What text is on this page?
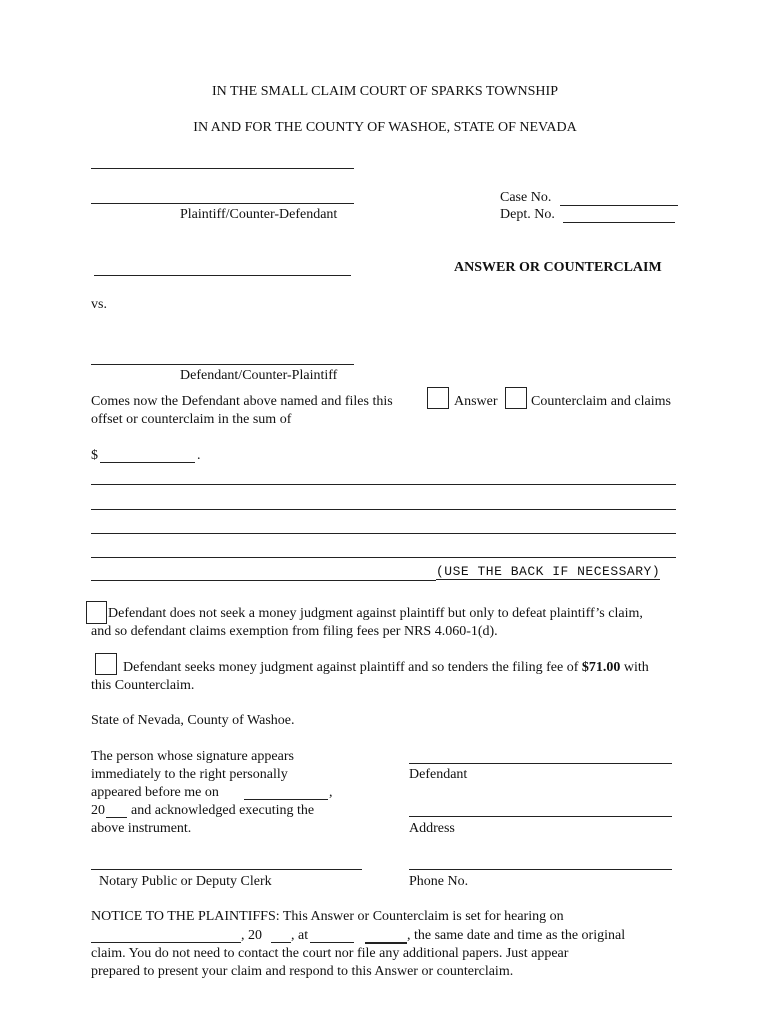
IN THE SMALL CLAIM COURT OF SPARKS TOWNSHIP
IN AND FOR THE COUNTY OF WASHOE, STATE OF NEVADA
Plaintiff/Counter-Defendant
Case No.
Dept. No.
ANSWER OR COUNTERCLAIM
vs.
Defendant/Counter-Plaintiff
Comes now the Defendant above named and files this	Answer Counterclaim and claims
offset or counterclaim in the sum of
$	.
(USE THE BACK IF NECESSARY)
Defendant does not seek a money judgment against plaintiff but only to defeat plaintiff’s claim,
and so defendant claims exemption from filing fees per NRS 4.060-1(d).
Defendant seeks money judgment against plaintiff and so tenders the filing fee of $71.00 with
this Counterclaim.
State of Nevada, County of Washoe.
The person whose signature appears
immediately to the right personally
appeared before me on	,
20 and acknowledged executing the
above instrument.
Notary Public or Deputy Clerk
Defendant
Address
Phone No.
NOTICE TO THE PLAINTIFFS: This Answer or Counterclaim is set for hearing on
, 20 , at	, the same date and time as the original
claim. You do not need to contact the court nor file any additional papers. Just appear
prepared to present your claim and respond to this Answer or counterclaim.
